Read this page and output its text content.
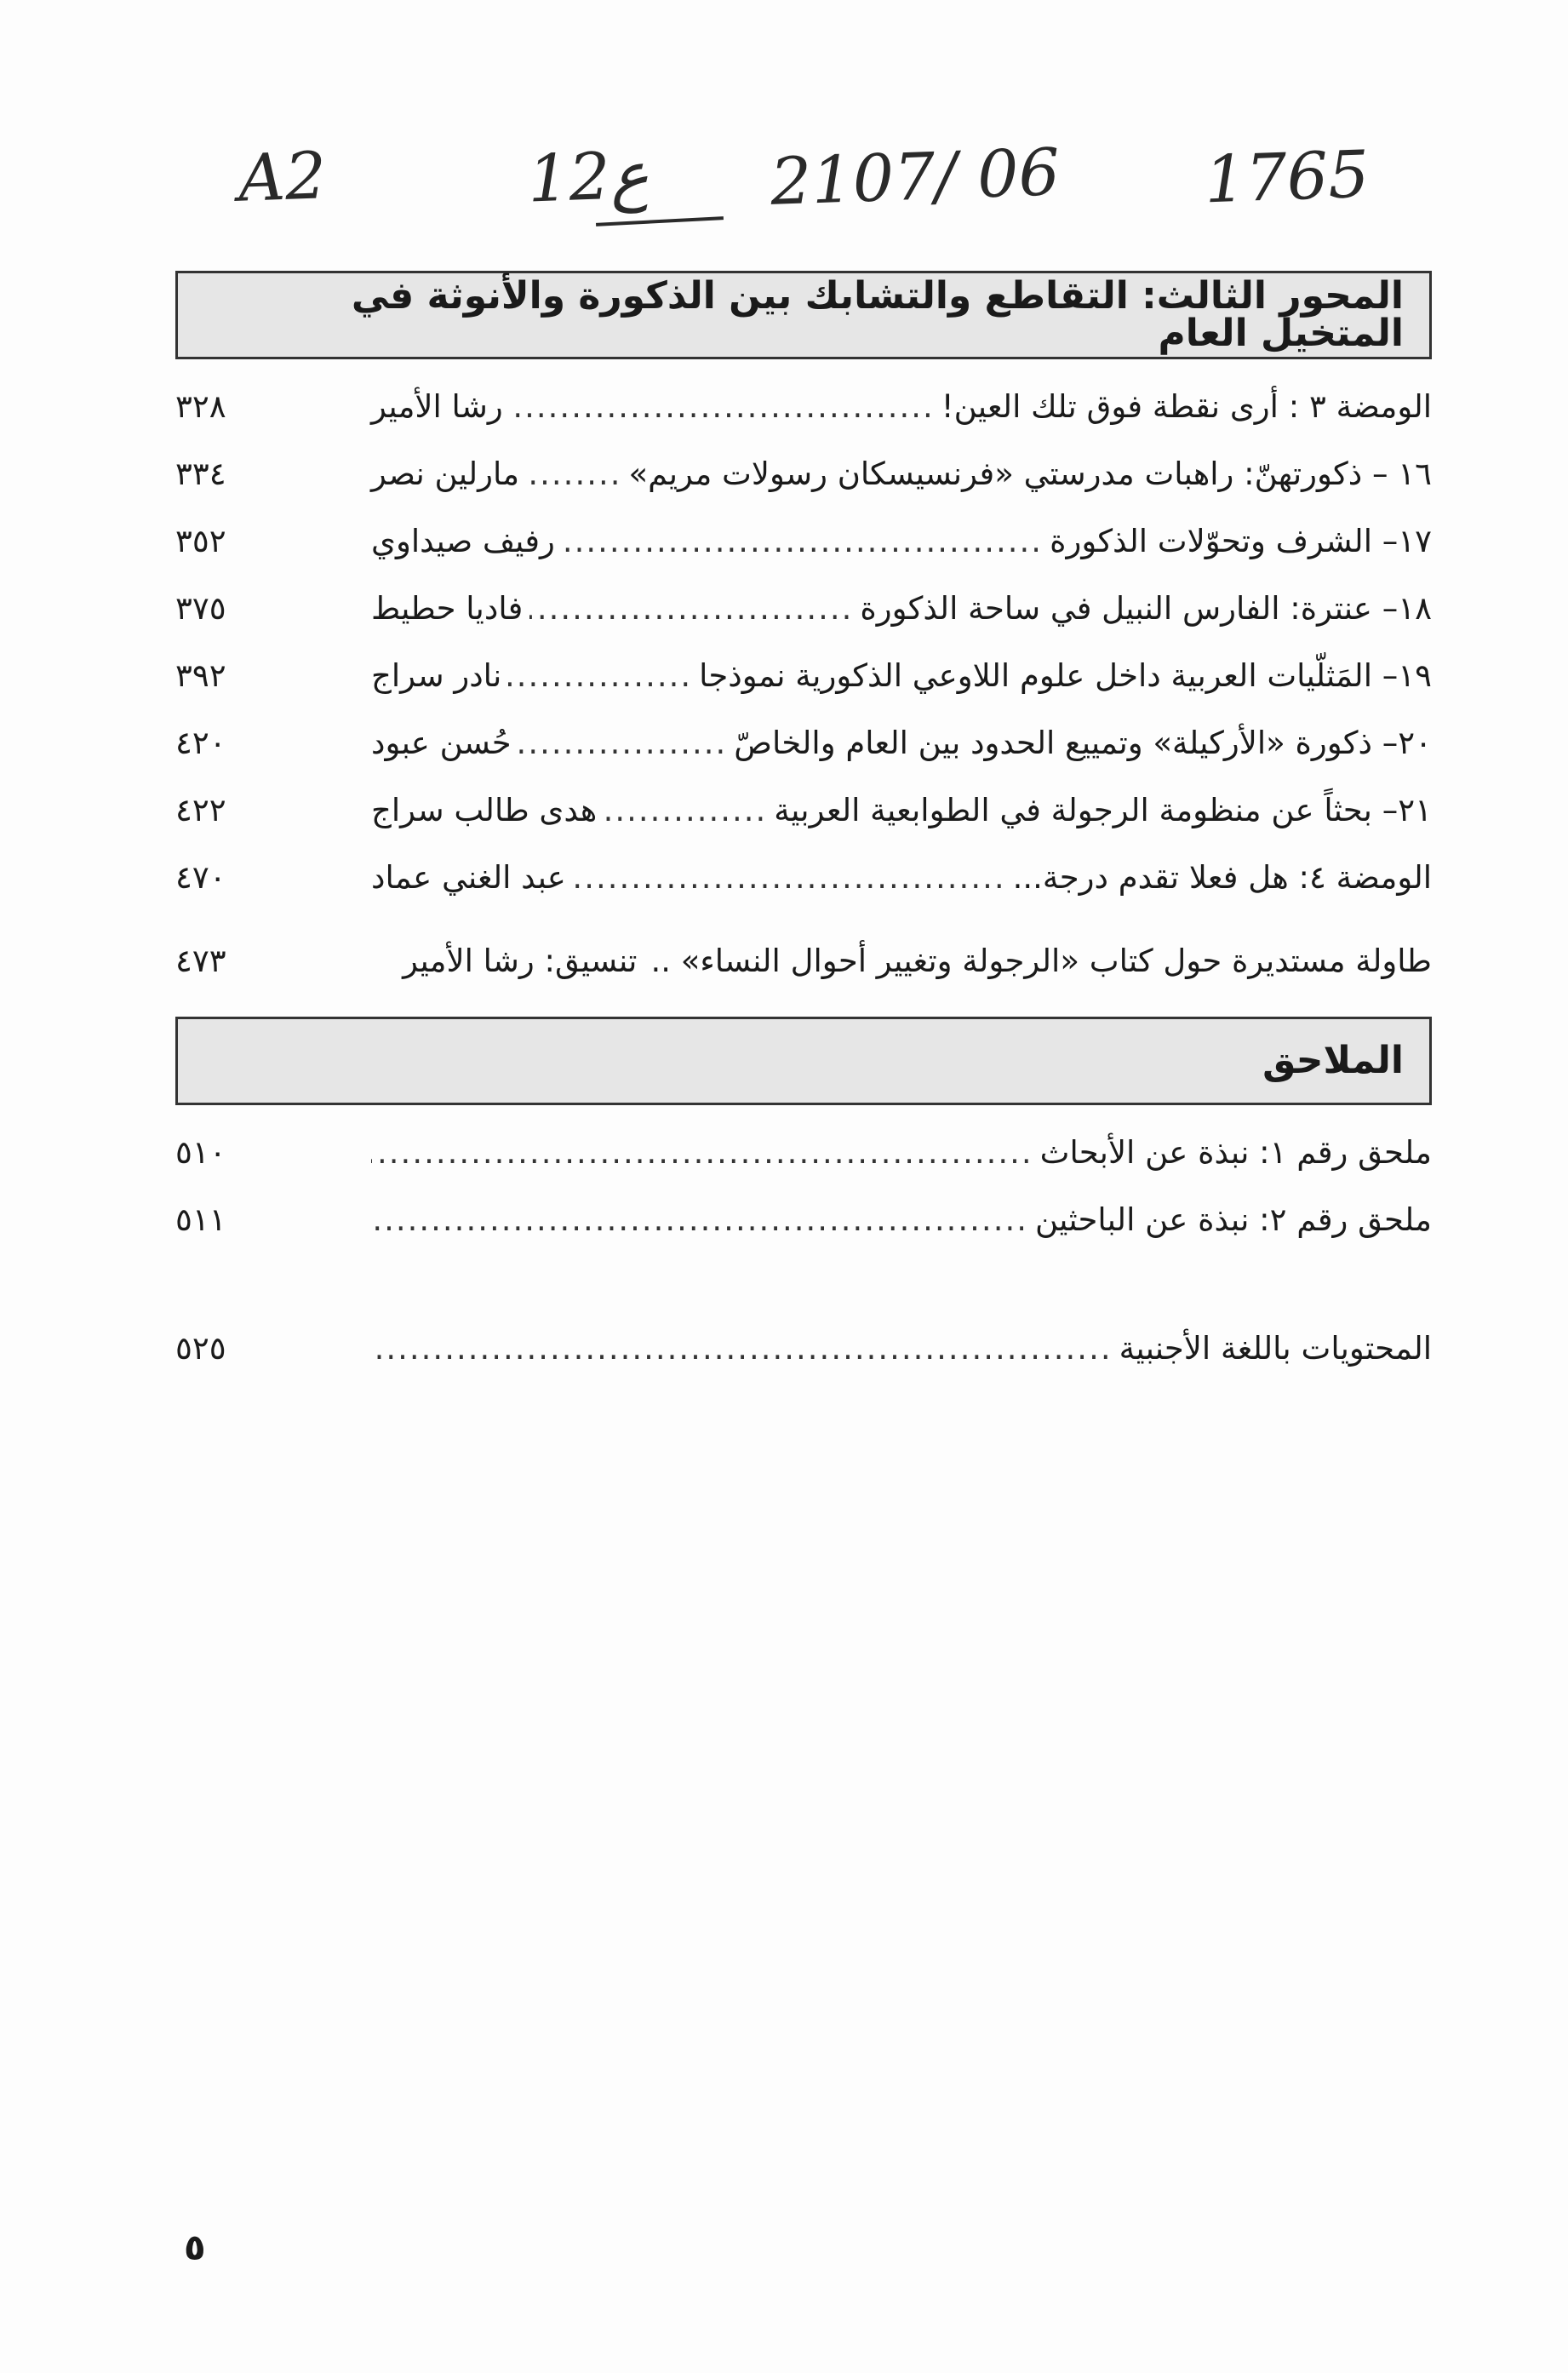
A2	12ع 2107/ 06 1765
المحور الثالث: التقاطع والتشابك بين الذكورة والأنوثة في المتخيل العام
الومضة ٣ : أرى نقطة فوق تلك العين!
.....
رشا الأمير
٣٢٨
١٦ – ذكورتهنّ: راهبات مدرستي «فرنسيسكان رسولات مريم»
.....
مارلين نصر
٣٣٤
١٧– الشرف وتحوّلات الذكورة
.....
رفيف صيداوي
٣٥٢
١٨– عنترة: الفارس النبيل في ساحة الذكورة
.....
فاديا حطيط
٣٧٥
١٩– المَثلّيات العربية داخل علوم اللاوعي الذكورية نموذجا
.....
نادر سراج
٣٩٢
٢٠– ذكورة «الأركيلة» وتمييع الحدود بين العام والخاصّ
.....
حُسن عبود
٤٢٠
٢١– بحثاً عن منظومة الرجولة في الطوابعية العربية
.....
هدى طالب سراج
٤٢٢
الومضة ٤: هل فعلا تقدم درجة...
.....
عبد الغني عماد
٤٧٠
طاولة مستديرة حول كتاب «الرجولة وتغيير أحوال النساء» ..
تنسيق: رشا الأمير
٤٧٣
الملاحق
ملحق رقم ١: نبذة عن الأبحاث
.....
٥١٠
ملحق رقم ٢: نبذة عن الباحثين
.....
٥١١
المحتويات باللغة الأجنبية
.....
٥٢٥
٥
